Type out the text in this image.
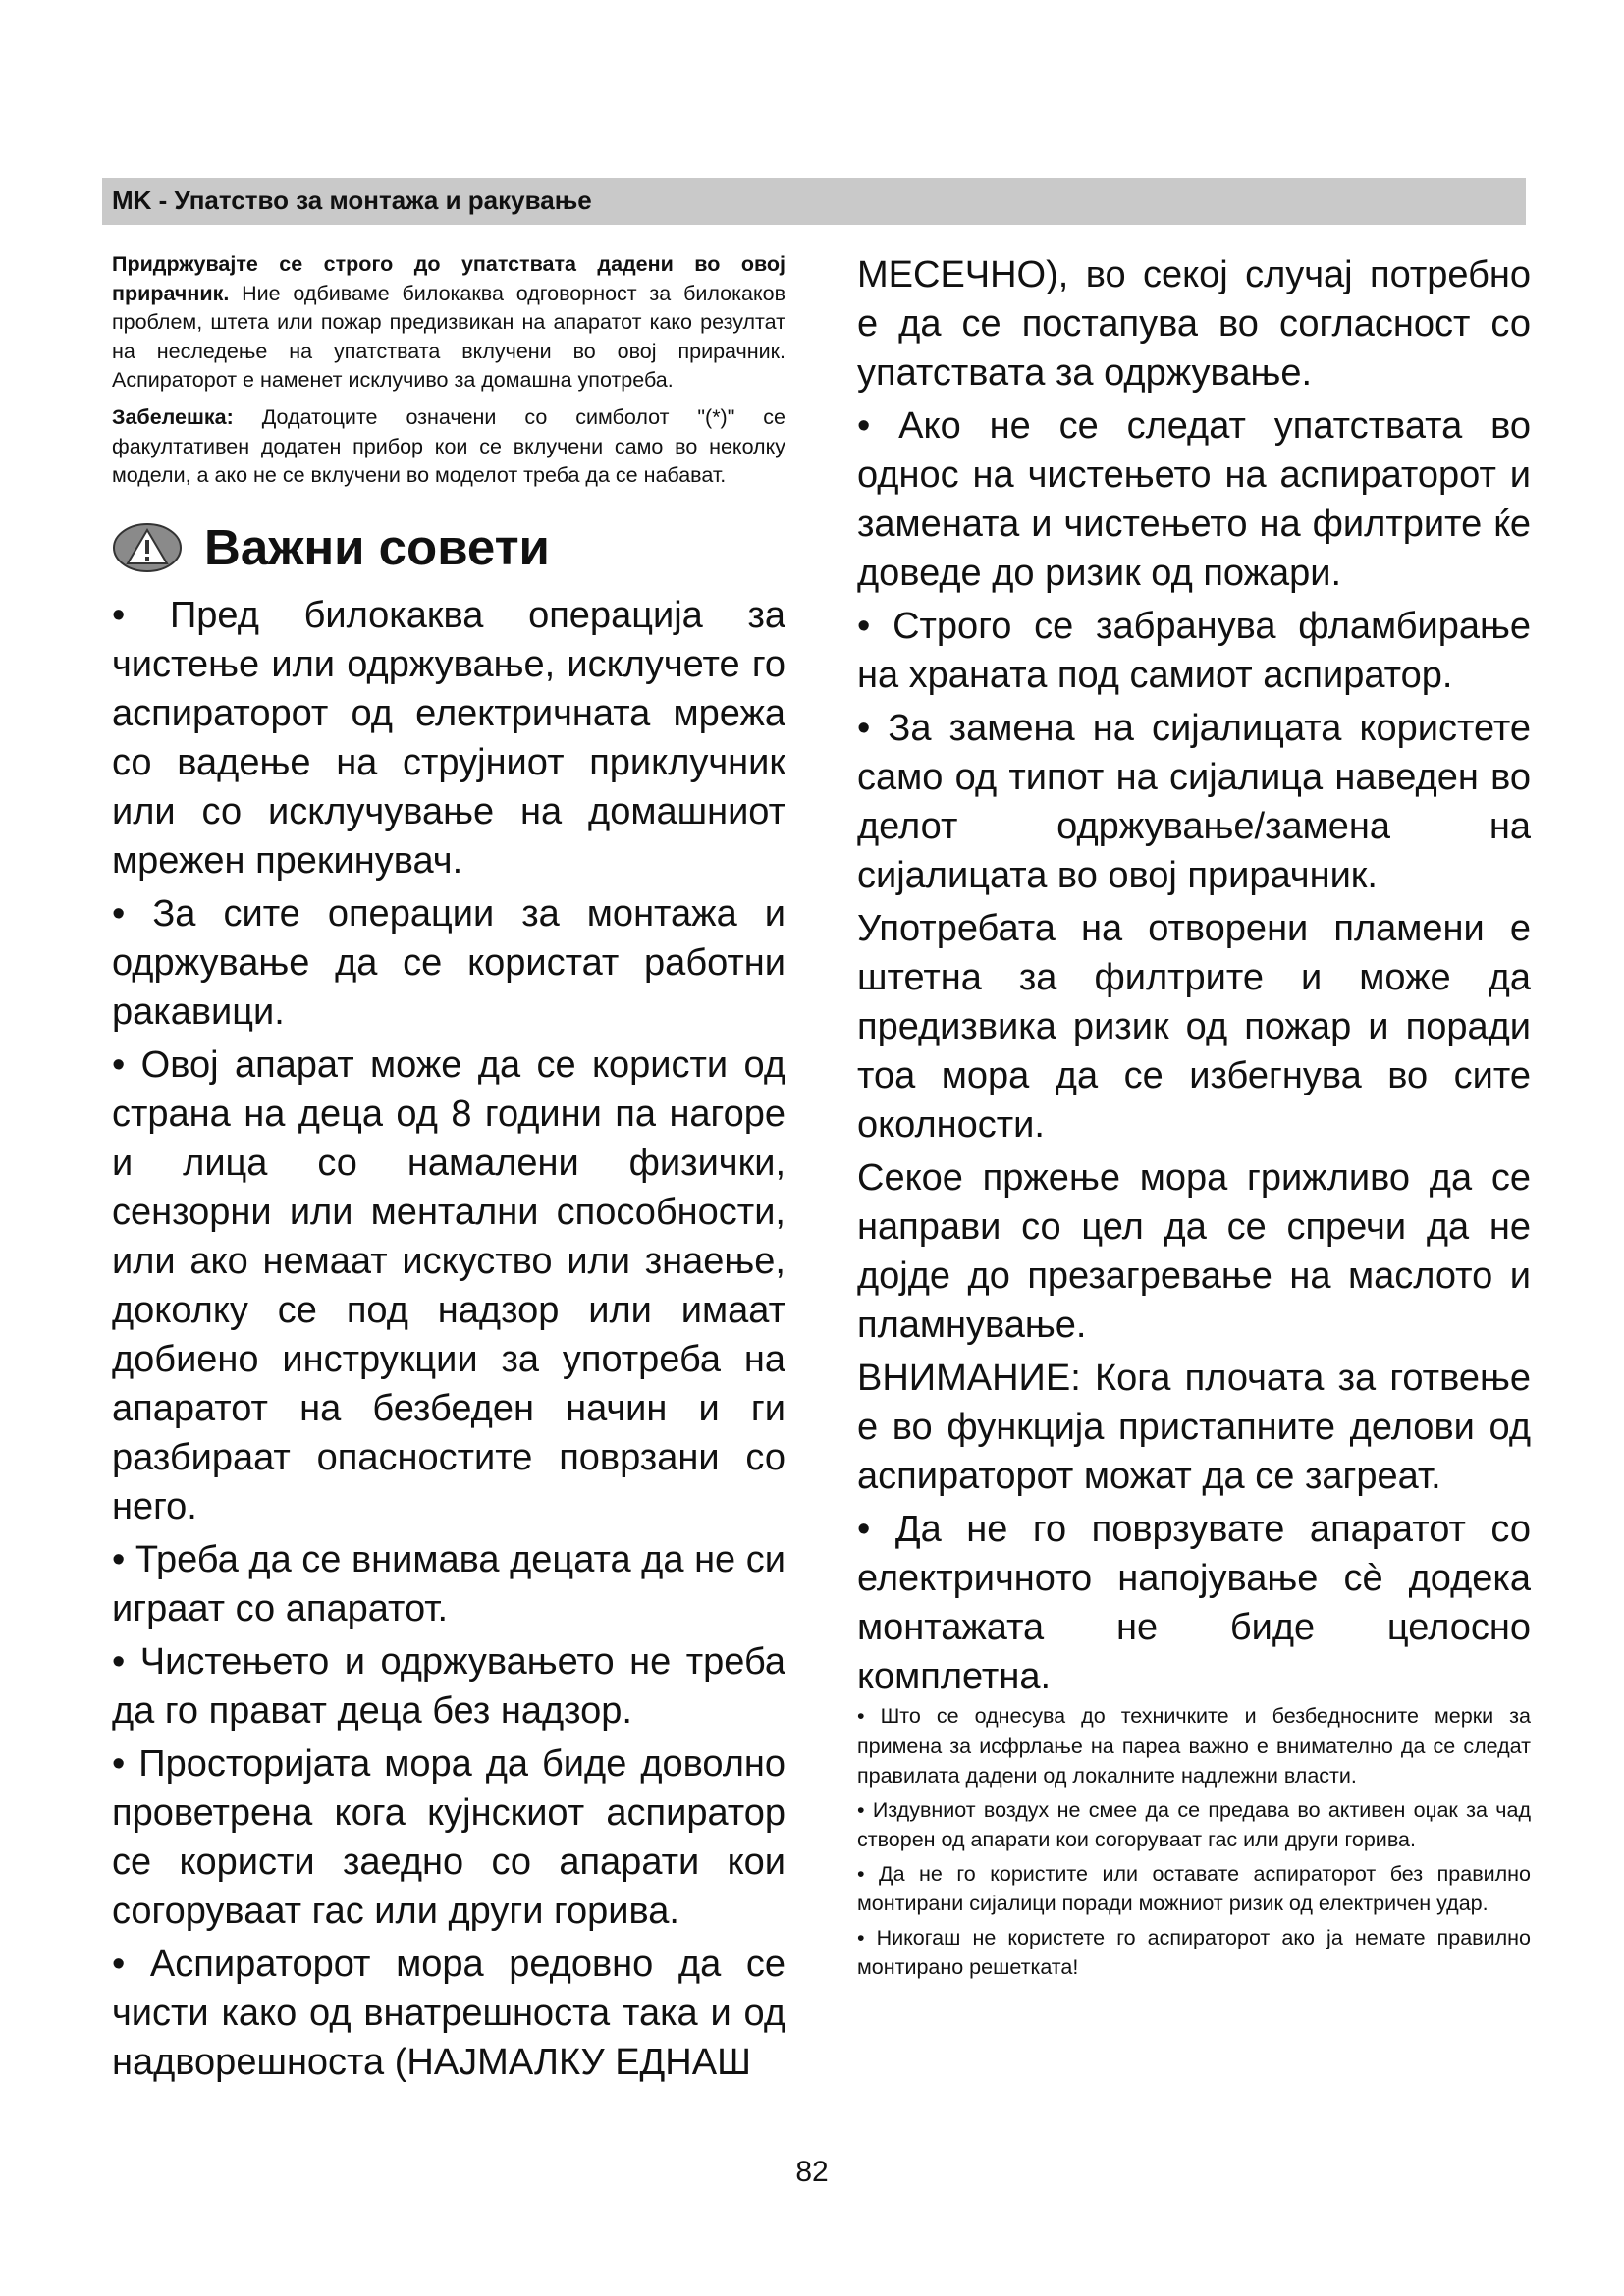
MK - Упатство за монтажа и ракување

Придржувајте се строго до упатствата дадени во овој прирачник. Ние одбиваме билокаква одговорност за билокаков проблем, штета или пожар предизвикан на апаратот како резултат на неследење на упатствата вклучени во овој прирачник. Аспираторот е наменет исклучиво за домашна употреба.

Забелешка: Додатоците означени со симболот "(*)" се факултативен додатен прибор кои се вклучени само во неколку модели, а ако не се вклучени во моделот треба да се набават.

Важни совети

• Пред билокаква операција за чистење или одржување, исклучете го аспираторот од електричната мрежа со вадење на струјниот приклучник или со исклучување на домашниот мрежен прекинувач.

• За сите операции за монтажа и одржување да се користат работни ракавици.

• Овој апарат може да се користи од страна на деца од 8 години па нагоре и лица со намалени физички, сензорни или ментални способности, или ако немаат искуство или знаење, доколку се под надзор или имаат добиено инструкции за употреба на апаратот на безбеден начин и ги разбираат опасностите поврзани со него.

• Треба да се внимава децата да не си играат со апаратот.

• Чистењето и одржувањето не треба да го прават деца без надзор.

• Просторијата мора да биде доволно проветрена кога кујнскиот аспиратор се користи заедно со апарати кои согоруваат гас или други горива.

• Аспираторот мора редовно да се чисти како од внатрешноста така и од надворешноста (НАЈМАЛКУ ЕДНАШ

МЕСЕЧНО), во секој случај потребно е да се постапува во согласност со упатствата за одржување.

• Ако не се следат упатствата во однос на чистењето на аспираторот и замената и чистењето на филтрите ќе доведе до ризик од пожари.

• Строго се забранува фламбирање на храната под самиот аспиратор.

• За замена на сијалицата користете само од типот на сијалица наведен во делот одржување/замена на сијалицата во овој прирачник.

Употребата на отворени пламени е штетна за филтрите и може да предизвика ризик од пожар и поради тоа мора да се избегнува во сите околности.

Секое пржење мора грижливо да се направи со цел да се спречи да не дојде до презагревање на маслото и пламнување.

ВНИМАНИЕ: Кога плочата за готвење е во функција пристапните делови од аспираторот можат да се загреат.

• Да не го поврзувате апаратот со електричното напојување сè додека монтажата не биде целосно комплетна.

• Што се однесува до техничките и безбедносните мерки за примена за исфрлање на пареа важно е внимателно да се следат правилата дадени од локалните надлежни власти.

• Издувниот воздух не смее да се предава во активен оџак за чад створен од апарати кои согоруваат гас или други горива.

• Да не го користите или оставате аспираторот без правилно монтирани сијалици поради можниот ризик од електричен удар.

• Никогаш не користете го аспираторот ако ја немате правилно монтирано решетката!

82
